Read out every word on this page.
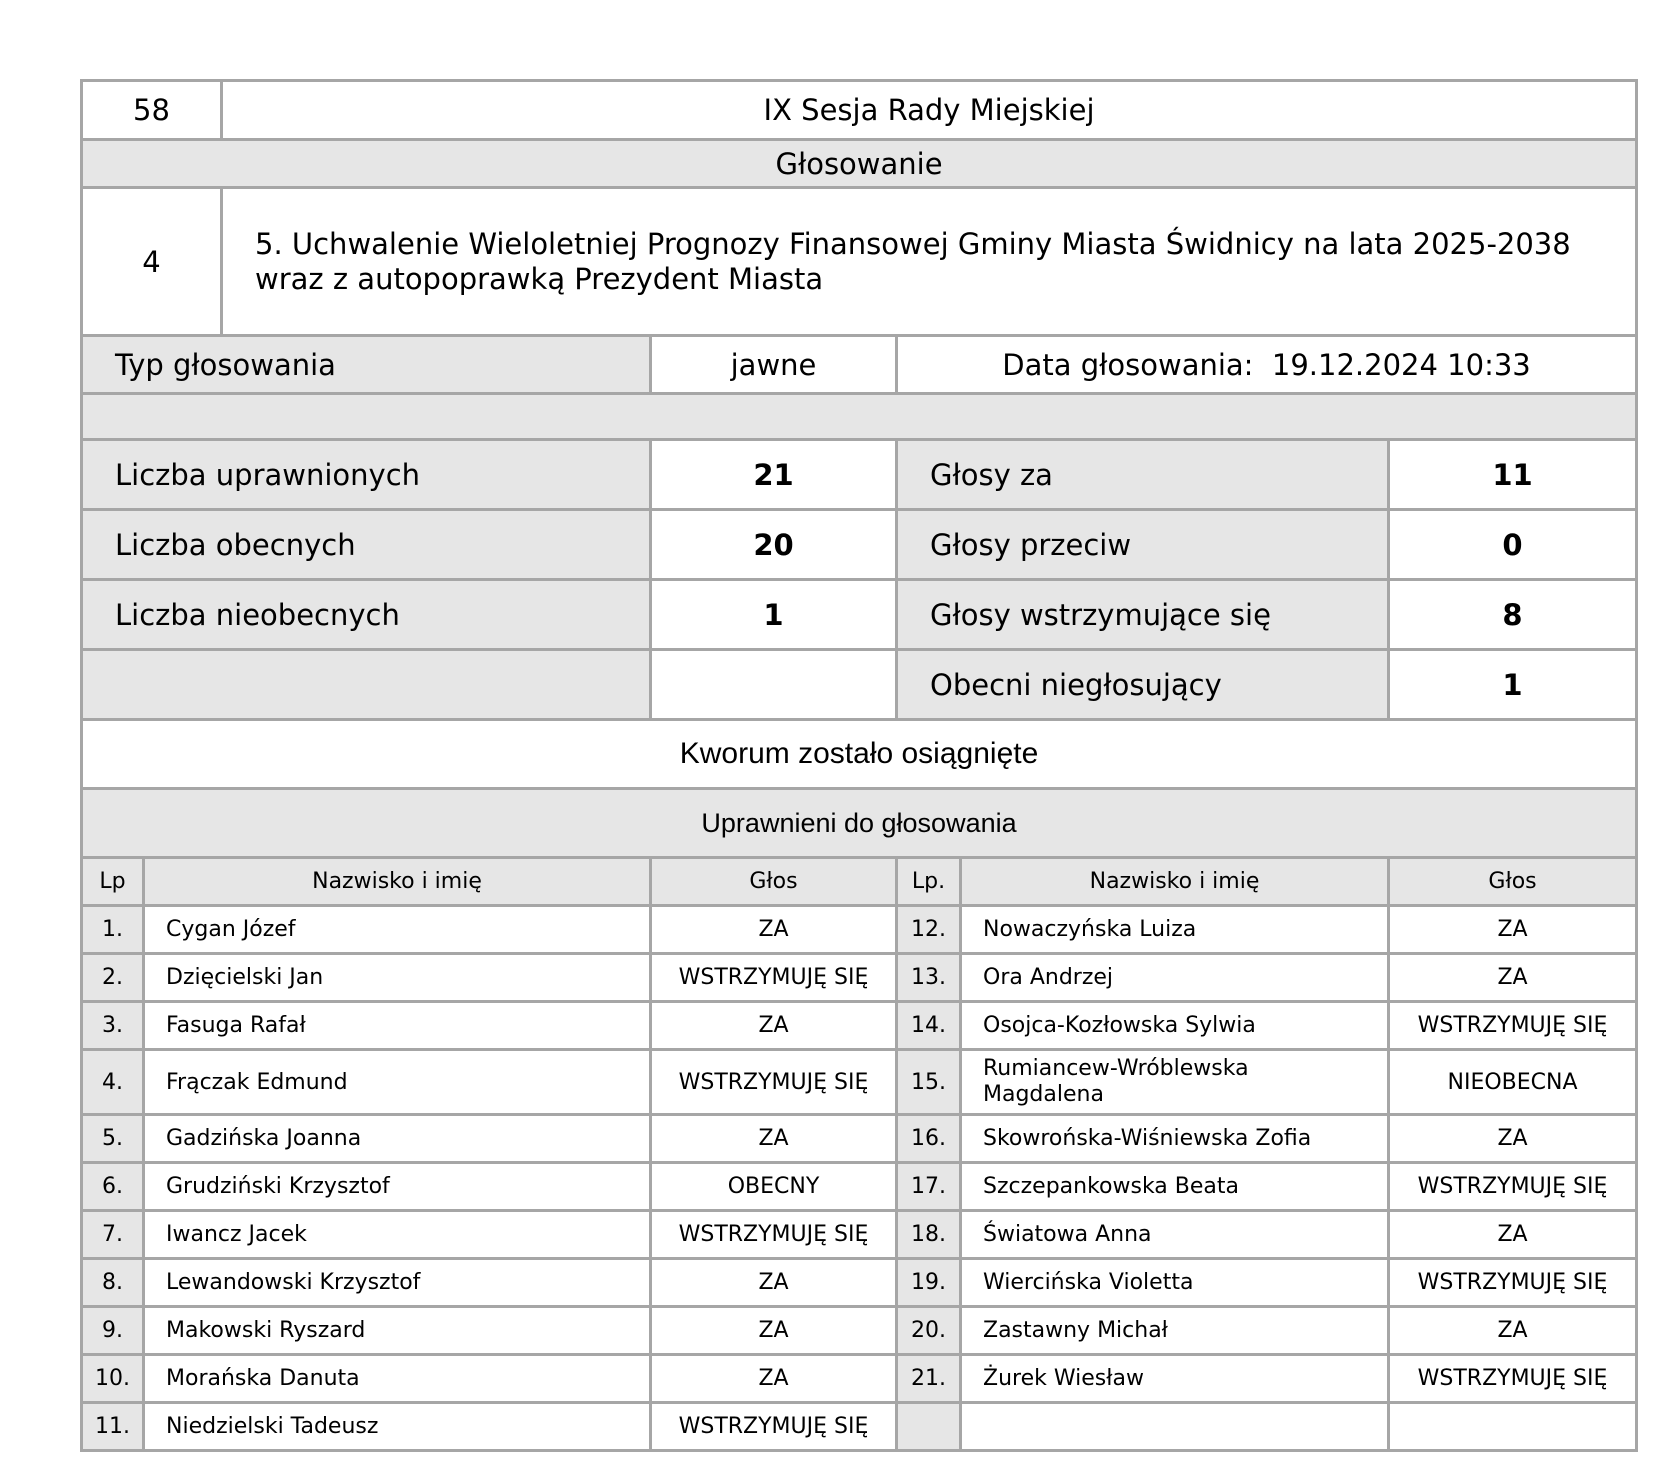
58		IX Sesja Rady Miejskiej				
Głosowanie						
4		5. Uchwalenie Wieloletniej Prognozy Finansowej Gminy Miasta Świdnicy na lata 2025-2038
wraz z autopoprawką Prezydent Miasta				

Typ głosowania			jawne	Data głosowania: 19.12.2024 10:33		

Liczba uprawnionych			21	Głosy za		11
Liczba obecnych			20	Głosy przeciw		0
Liczba nieobecnych			1	Głosy wstrzymujące się		8
				Obecni niegłosujący		1
Kworum zostało osiągnięte						
Uprawnieni do głosowania						
Lp	Nazwisko i imię		Głos	Lp.	Nazwisko i imię	Głos
1.	Cygan Józef		ZA	12.	Nowaczyńska Luiza	ZA
2.	Dzięcielski Jan		WSTRZYMUJĘ SIĘ	13.	Ora Andrzej	ZA
3.	Fasuga Rafał		ZA	14.	Osojca-Kozłowska Sylwia	WSTRZYMUJĘ SIĘ
4.	Frączak Edmund		WSTRZYMUJĘ SIĘ	15.	Rumiancew-Wróblewska Magdalena	NIEOBECNA
5.	Gadzińska Joanna		ZA	16.	Skowrońska-Wiśniewska Zofia	ZA
6.	Grudziński Krzysztof		OBECNY	17.	Szczepankowska Beata	WSTRZYMUJĘ SIĘ
7.	Iwancz Jacek		WSTRZYMUJĘ SIĘ	18.	Światowa Anna	ZA
8.	Lewandowski Krzysztof		ZA	19.	Wiercińska Violetta	WSTRZYMUJĘ SIĘ
9.	Makowski Ryszard		ZA	20.	Zastawny Michał	ZA
10.	Morańska Danuta		ZA	21.	Żurek Wiesław	WSTRZYMUJĘ SIĘ
11.	Niedzielski Tadeusz		WSTRZYMUJĘ SIĘ			
